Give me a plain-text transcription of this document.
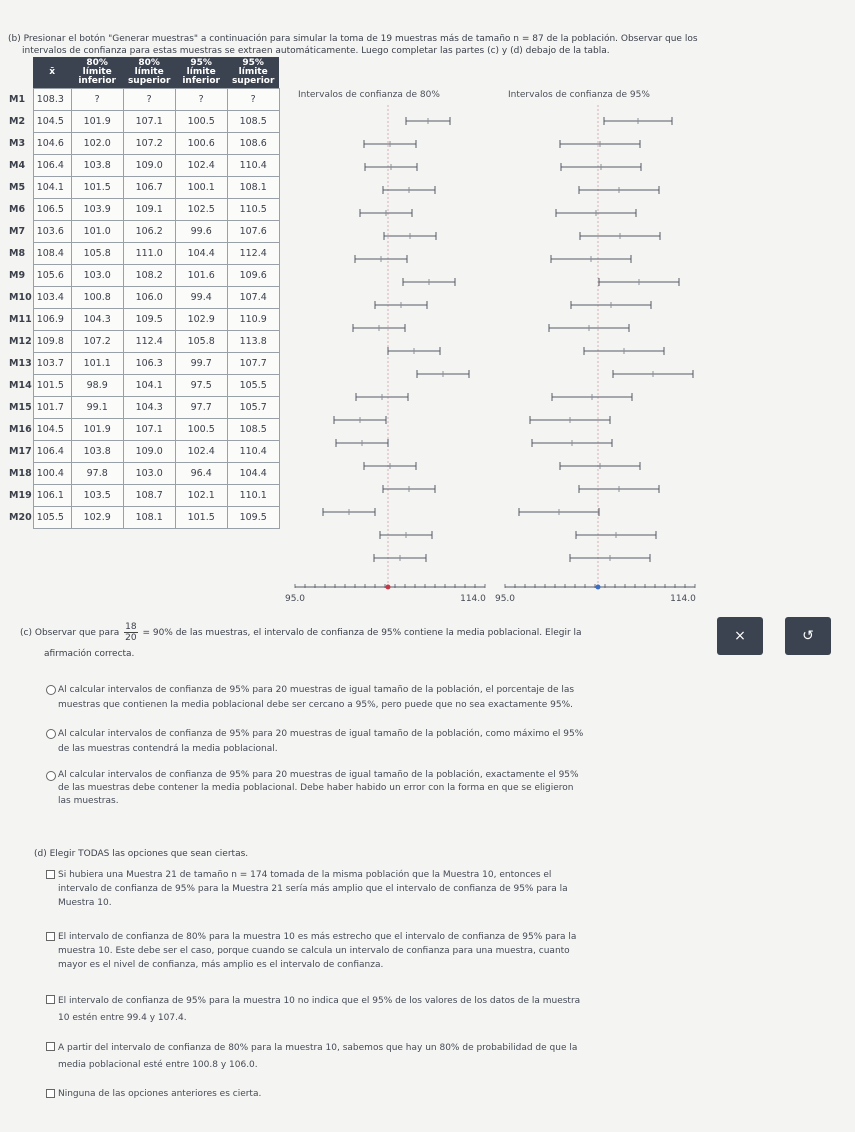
(b) Presionar el botón "Generar muestras" a continuación para simular la toma de 19 muestras más de tamaño n = 87 de la población. Observar que los
intervalos de confianza para estas muestras se extraen automáticamente. Luego completar las partes (c) y (d) debajo de la tabla.
	x̄	80% límite inferior	80% límite superior	95% límite inferior	95% límite superior
M1	108.3	?	?	?	?
M2	104.5	101.9	107.1	100.5	108.5
M3	104.6	102.0	107.2	100.6	108.6
M4	106.4	103.8	109.0	102.4	110.4
M5	104.1	101.5	106.7	100.1	108.1
M6	106.5	103.9	109.1	102.5	110.5
M7	103.6	101.0	106.2	99.6	107.6
M8	108.4	105.8	111.0	104.4	112.4
M9	105.6	103.0	108.2	101.6	109.6
M10	103.4	100.8	106.0	99.4	107.4
M11	106.9	104.3	109.5	102.9	110.9
M12	109.8	107.2	112.4	105.8	113.8
M13	103.7	101.1	106.3	99.7	107.7
M14	101.5	98.9	104.1	97.5	105.5
M15	101.7	99.1	104.3	97.7	105.7
M16	104.5	101.9	107.1	100.5	108.5
M17	106.4	103.8	109.0	102.4	110.4
M18	100.4	97.8	103.0	96.4	104.4
M19	106.1	103.5	108.7	102.1	110.1
M20	105.5	102.9	108.1	101.5	109.5
Intervalos de confianza de 80%	Intervalos de confianza de 95%
95.0	114.0 95.0	114.0
(c) Observar que para $\frac{18}{20} = 90\%$ de las muestras, el intervalo de confianza de 95% contiene la media poblacional. Elegir la
afirmación correcta.
×	↺
Al calcular intervalos de confianza de 95% para 20 muestras de igual tamaño de la población, el porcentaje de las
muestras que contienen la media poblacional debe ser cercano a 95%, pero puede que no sea exactamente 95%.
Al calcular intervalos de confianza de 95% para 20 muestras de igual tamaño de la población, como máximo el 95%
de las muestras contendrá la media poblacional.
Al calcular intervalos de confianza de 95% para 20 muestras de igual tamaño de la población, exactamente el 95%
de las muestras debe contener la media poblacional. Debe haber habido un error con la forma en que se eligieron
las muestras.
(d) Elegir TODAS las opciones que sean ciertas.
Si hubiera una Muestra 21 de tamaño n = 174 tomada de la misma población que la Muestra 10, entonces el
intervalo de confianza de 95% para la Muestra 21 sería más amplio que el intervalo de confianza de 95% para la
Muestra 10.
El intervalo de confianza de 80% para la muestra 10 es más estrecho que el intervalo de confianza de 95% para la
muestra 10. Este debe ser el caso, porque cuando se calcula un intervalo de confianza para una muestra, cuanto
mayor es el nivel de confianza, más amplio es el intervalo de confianza.
El intervalo de confianza de 95% para la muestra 10 no indica que el 95% de los valores de los datos de la muestra
10 estén entre 99.4 y 107.4.
A partir del intervalo de confianza de 80% para la muestra 10, sabemos que hay un 80% de probabilidad de que la
media poblacional esté entre 100.8 y 106.0.
Ninguna de las opciones anteriores es cierta.
